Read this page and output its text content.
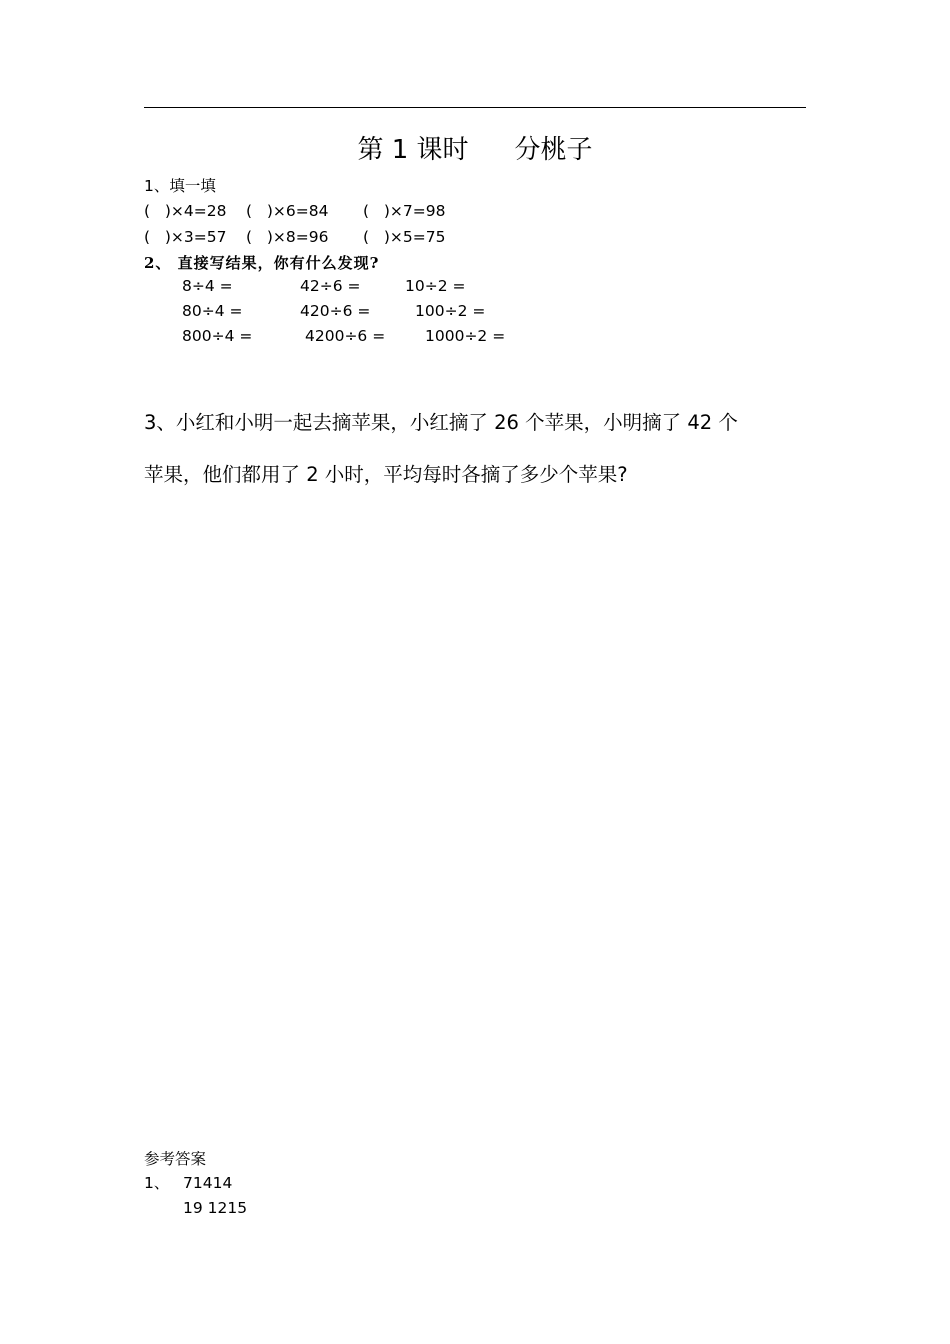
第 1 课时 分桃子
1、填一填
(   )×4=28 (   )×6=84 (   )×7=98
(   )×3=57 (   )×8=96 (   )×5=75
2、 直接写结果，你有什么发现?
8÷4 =	42÷6 =	10÷2 =
80÷4 =	420÷6 =	100÷2 =
800÷4 =	4200÷6 =	1000÷2 =
3、小红和小明一起去摘苹果，小红摘了 26 个苹果，小明摘了 42 个
苹果，他们都用了 2 小时，平均每时各摘了多少个苹果?
参考答案
1、 71414
19 1215
